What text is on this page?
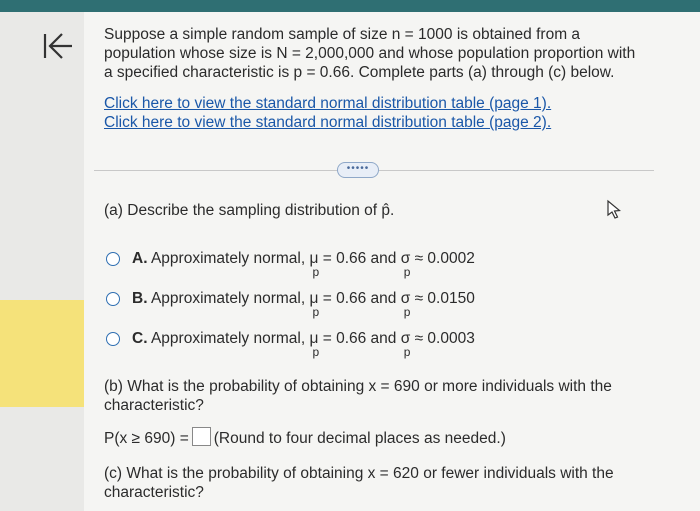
Suppose a simple random sample of size n = 1000 is obtained from a population whose size is N = 2,000,000 and whose population proportion with a specified characteristic is p = 0.66. Complete parts (a) through (c) below.
Click here to view the standard normal distribution table (page 1).
Click here to view the standard normal distribution table (page 2).
•••••
(a) Describe the sampling distribution of p̂.
A. Approximately normal, μ
p
= 0.66 and σ
p
≈ 0.0002
B. Approximately normal, μ
p
= 0.66 and σ
p
≈ 0.0150
C. Approximately normal, μ
p
= 0.66 and σ
p
≈ 0.0003
(b) What is the probability of obtaining x = 690 or more individuals with the characteristic?
P(x ≥ 690) = (Round to four decimal places as needed.)
(c) What is the probability of obtaining x = 620 or fewer individuals with the characteristic?
